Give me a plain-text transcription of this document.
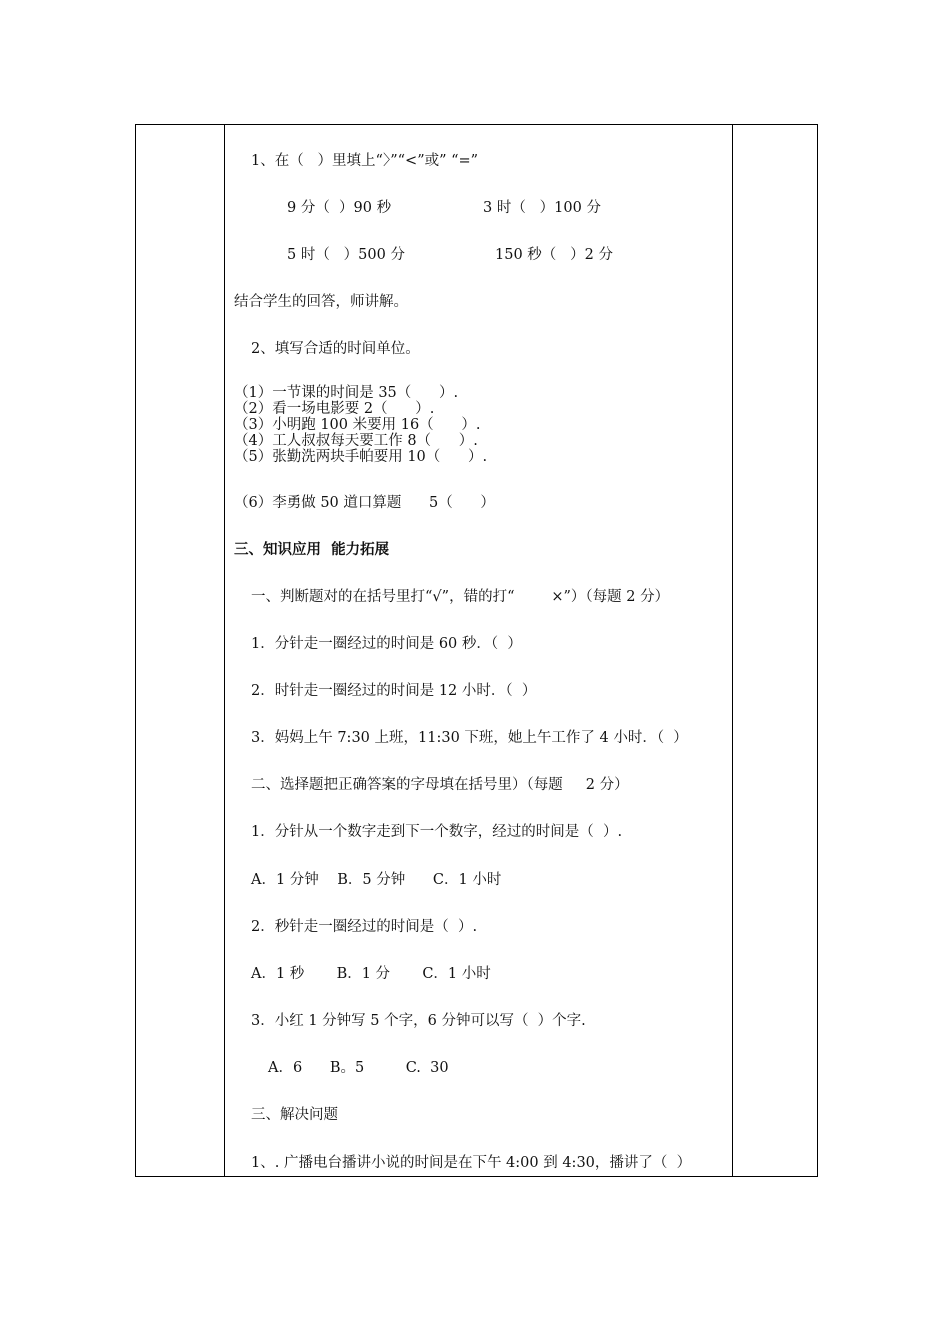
1、在（   ）里填上“〉”“<”或” “=”
9 分（  ）90 秒	3 时（   ）100 分
5 时（   ）500 分	150 秒（   ）2 分
结合学生的回答，师讲解。
2、填写合适的时间单位。
（1）一节课的时间是 35（      ）.
（2）看一场电影要 2（      ）.
（3）小明跑 100 米要用 16（      ）.
（4）工人叔叔每天要工作 8（      ）.
（5）张勤洗两块手帕要用 10（      ）.
（6）李勇做 50 道口算题      5（      ）
三、知识应用  能力拓展
一、判断题对的在括号里打“√”，错的打“        ×”）（每题 2 分）
1．分针走一圈经过的时间是 60 秒．（  ）
2．时针走一圈经过的时间是 12 小时．（  ）
3．妈妈上午 7:30 上班，11:30 下班，她上午工作了 4 小时．（  ）
二、选择题把正确答案的字母填在括号里）（每题     2 分）
1．分针从一个数字走到下一个数字，经过的时间是（  ）.
A．1 分钟    B．5 分钟      C．1 小时
2．秒针走一圈经过的时间是（  ）.
A．1 秒       B．1 分       C．1 小时
3．小红 1 分钟写 5 个字，6 分钟可以写（  ）个字.
A．6      B。5         C.  30
三、解决问题
1、. 广播电台播讲小说的时间是在下午 4:00 到 4:30，播讲了（  ）
